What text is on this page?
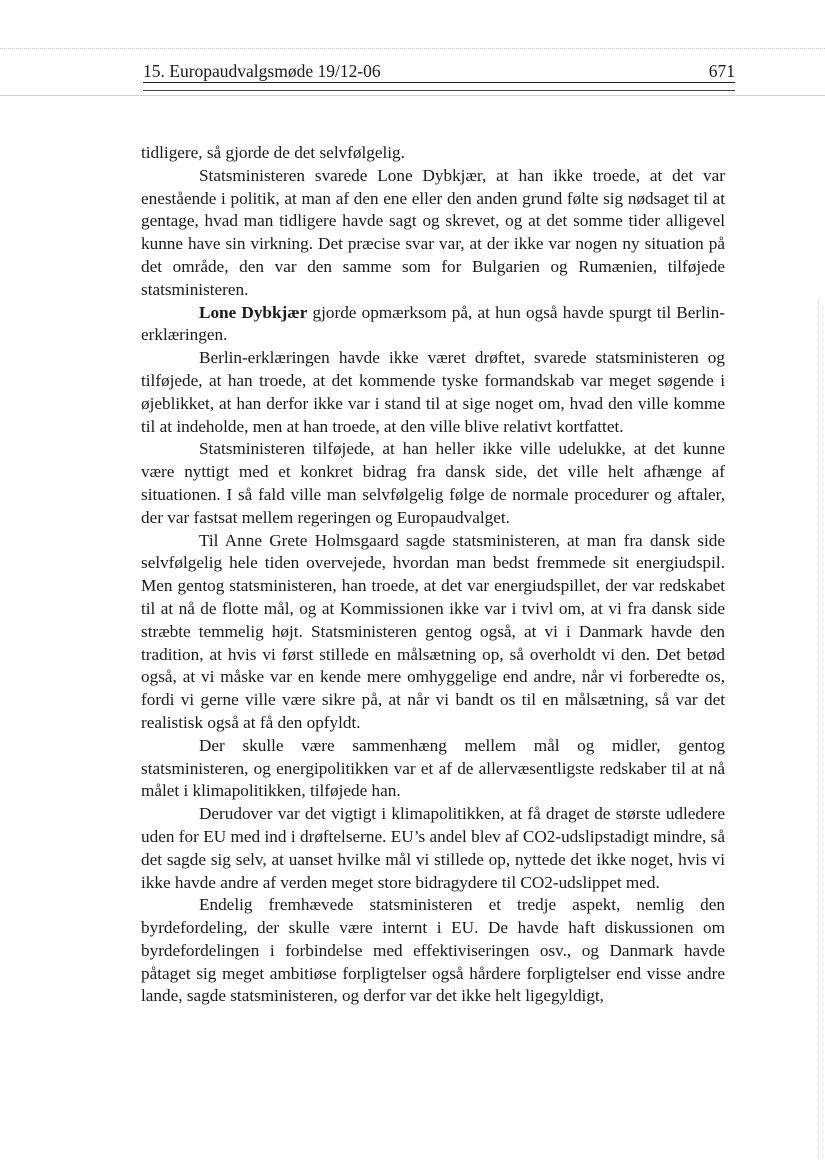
15. Europaudvalgsmøde 19/12-06	671

tidligere, så gjorde de det selvfølgelig.

Statsministeren svarede Lone Dybkjær, at han ikke troede, at det var enestående i politik, at man af den ene eller den anden grund følte sig nødsaget til at gentage, hvad man tidligere havde sagt og skrevet, og at det somme tider alligevel kunne have sin virkning. Det præcise svar var, at der ikke var nogen ny situation på det område, den var den samme som for Bulgarien og Rumænien, tilføjede statsministeren.

Lone Dybkjær gjorde opmærksom på, at hun også havde spurgt til Berlin-erklæringen.

Berlin-erklæringen havde ikke været drøftet, svarede statsministeren og tilføjede, at han troede, at det kommende tyske formandskab var meget søgende i øjeblikket, at han derfor ikke var i stand til at sige noget om, hvad den ville komme til at indeholde, men at han troede, at den ville blive relativt kortfattet.

Statsministeren tilføjede, at han heller ikke ville udelukke, at det kunne være nyttigt med et konkret bidrag fra dansk side, det ville helt afhænge af situationen. I så fald ville man selvfølgelig følge de normale procedurer og aftaler, der var fastsat mellem regeringen og Europaudvalget.

Til Anne Grete Holmsgaard sagde statsministeren, at man fra dansk side selvfølgelig hele tiden overvejede, hvordan man bedst fremmede sit energiudspil. Men gentog statsministeren, han troede, at det var energiudspillet, der var redskabet til at nå de flotte mål, og at Kommissionen ikke var i tvivl om, at vi fra dansk side stræbte temmelig højt. Statsministeren gentog også, at vi i Danmark havde den tradition, at hvis vi først stillede en målsætning op, så overholdt vi den. Det betød også, at vi måske var en kende mere omhyggelige end andre, når vi forberedte os, fordi vi gerne ville være sikre på, at når vi bandt os til en målsætning, så var det realistisk også at få den opfyldt.

Der skulle være sammenhæng mellem mål og midler, gentog statsministeren, og energipolitikken var et af de allervæsentligste redskaber til at nå målet i klimapolitikken, tilføjede han.

Derudover var det vigtigt i klimapolitikken, at få draget de største udledere uden for EU med ind i drøftelserne. EU’s andel blev af CO2-udslipstadigt mindre, så det sagde sig selv, at uanset hvilke mål vi stillede op, nyttede det ikke noget, hvis vi ikke havde andre af verden meget store bidragydere til CO2-udslippet med.

Endelig fremhævede statsministeren et tredje aspekt, nemlig den byrdefordeling, der skulle være internt i EU. De havde haft diskussionen om byrdefordelingen i forbindelse med effektiviseringen osv., og Danmark havde påtaget sig meget ambitiøse forpligtelser også hårdere forpligtelser end visse andre lande, sagde statsministeren, og derfor var det ikke helt ligegyldigt,
